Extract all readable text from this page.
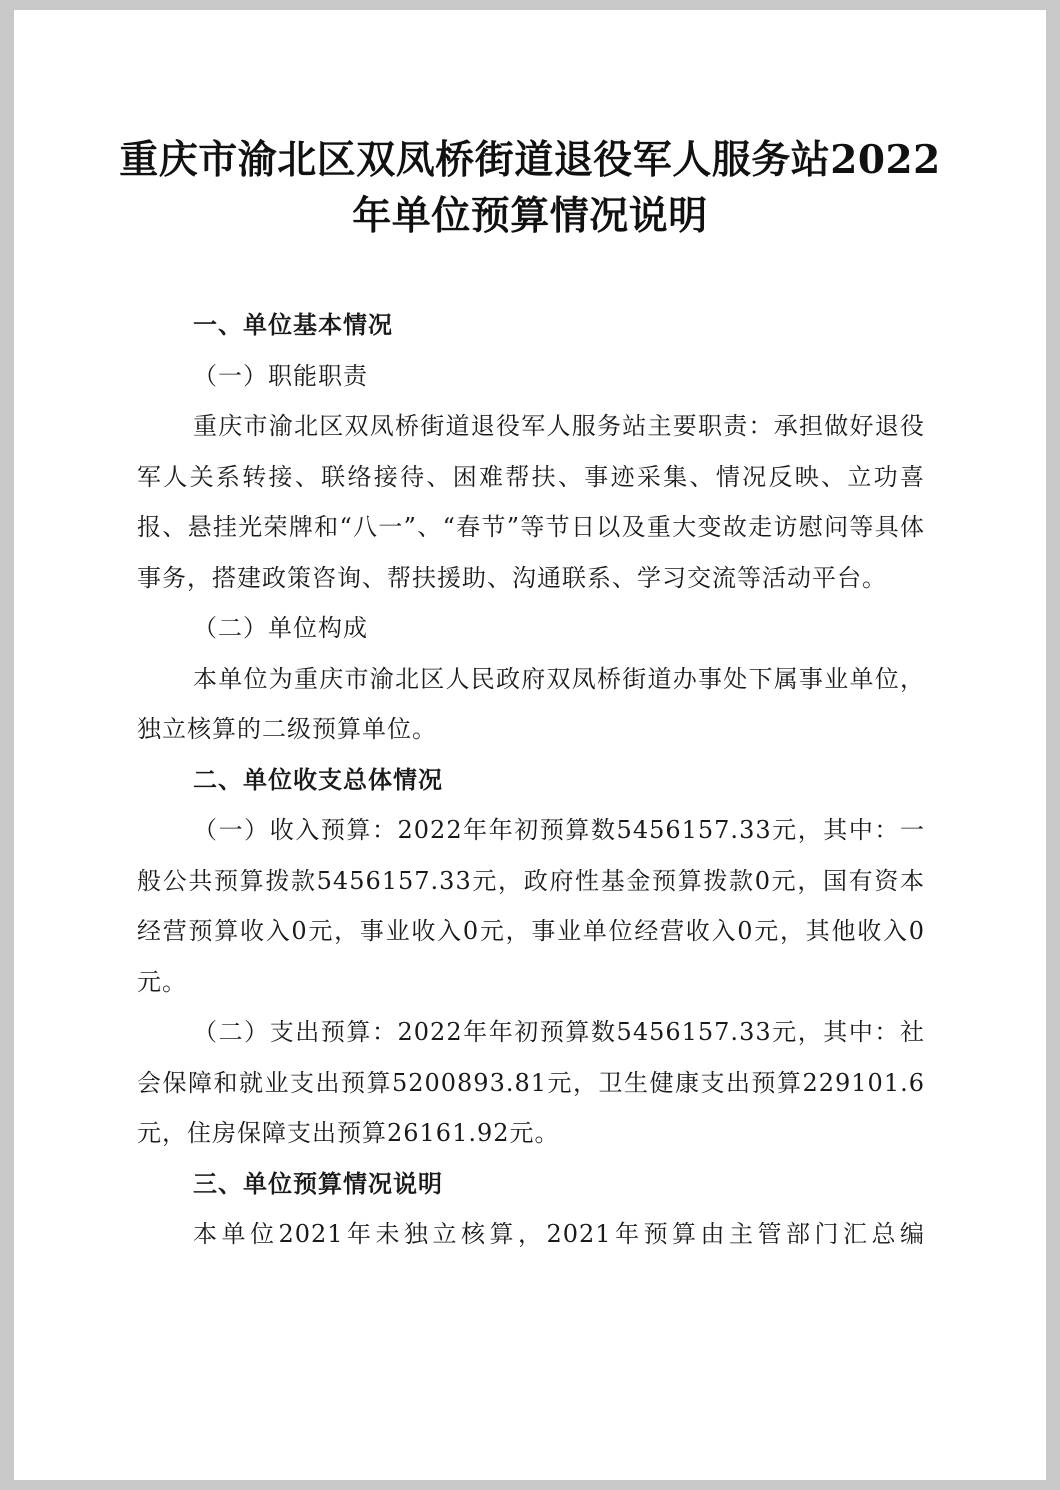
重庆市渝北区双凤桥街道退役军人服务站2022
年单位预算情况说明

一、单位基本情况

（一）职能职责

重庆市渝北区双凤桥街道退役军人服务站主要职责：承担做好退役军人关系转接、联络接待、困难帮扶、事迹采集、情况反映、立功喜报、悬挂光荣牌和“八一”、“春节”等节日以及重大变故走访慰问等具体事务，搭建政策咨询、帮扶援助、沟通联系、学习交流等活动平台。

（二）单位构成

本单位为重庆市渝北区人民政府双凤桥街道办事处下属事业单位，独立核算的二级预算单位。

二、单位收支总体情况

（一）收入预算：2022年年初预算数5456157.33元，其中：一般公共预算拨款5456157.33元，政府性基金预算拨款0元，国有资本经营预算收入0元，事业收入0元，事业单位经营收入0元，其他收入0元。

（二）支出预算：2022年年初预算数5456157.33元，其中：社会保障和就业支出预算5200893.81元，卫生健康支出预算229101.6元，住房保障支出预算26161.92元。

三、单位预算情况说明

本单位2021年未独立核算，2021年预算由主管部门汇总编
